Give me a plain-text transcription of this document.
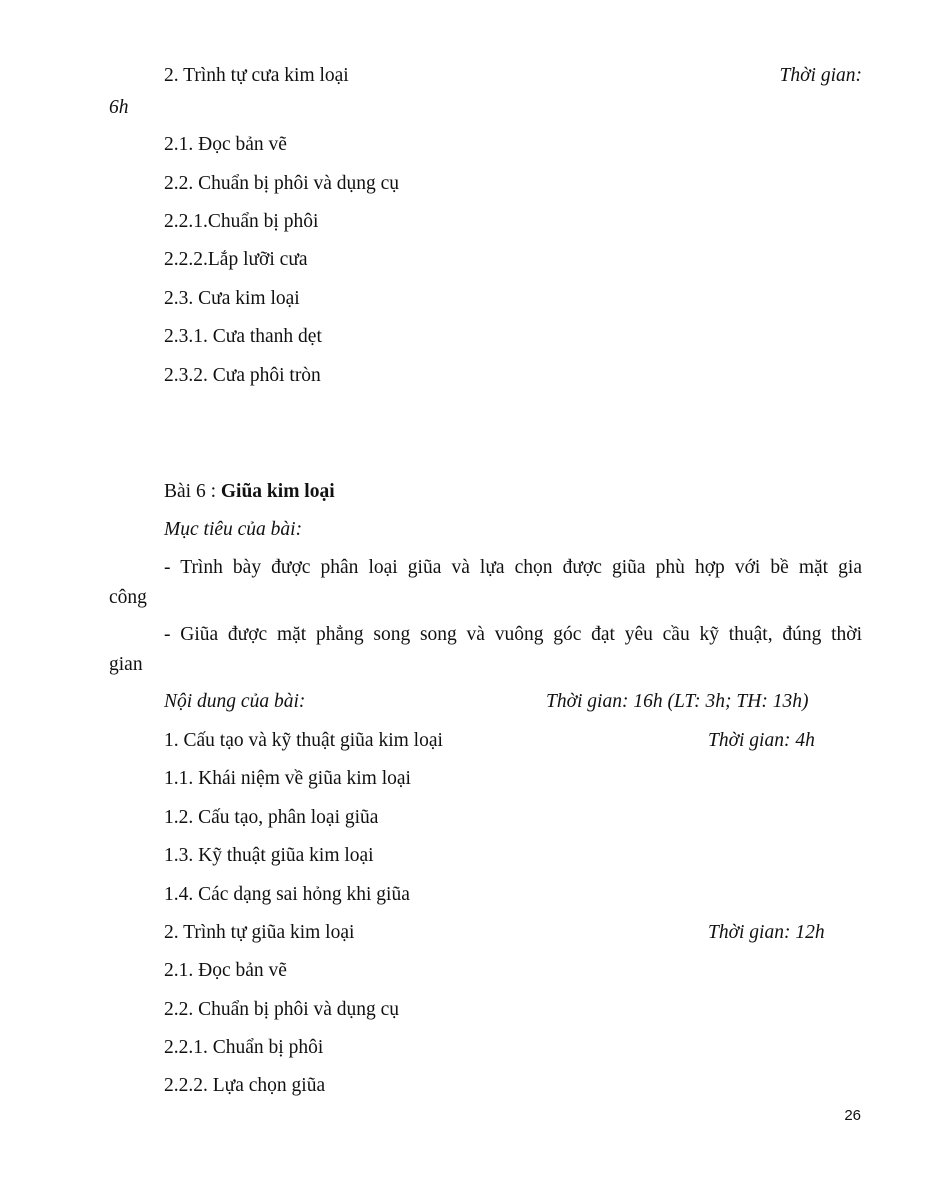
2. Trình tự cưa kim loại	Thời gian:
6h
2.1. Đọc bản vẽ
2.2. Chuẩn bị phôi và dụng cụ
2.2.1.Chuẩn bị phôi
2.2.2.Lắp lưỡi cưa
2.3. Cưa kim loại
2.3.1. Cưa thanh dẹt
2.3.2. Cưa phôi tròn
Bài 6 : Giũa kim loại
Mục tiêu của bài:
- Trình bày được phân loại giũa và lựa chọn được giũa phù hợp với bề mặt gia
công
- Giũa được mặt phẳng song song và vuông góc đạt yêu cầu kỹ thuật, đúng thời
gian
Nội dung của bài:	Thời gian: 16h (LT: 3h; TH: 13h)
1. Cấu tạo và kỹ thuật giũa kim loại	Thời gian: 4h
1.1. Khái niệm về giũa kim loại
1.2. Cấu tạo, phân loại giũa
1.3. Kỹ thuật giũa kim loại
1.4. Các dạng sai hỏng khi giũa
2. Trình tự giũa kim loại	Thời gian: 12h
2.1. Đọc bản vẽ
2.2. Chuẩn bị phôi và dụng cụ
2.2.1. Chuẩn bị phôi
2.2.2. Lựa chọn giũa
26
